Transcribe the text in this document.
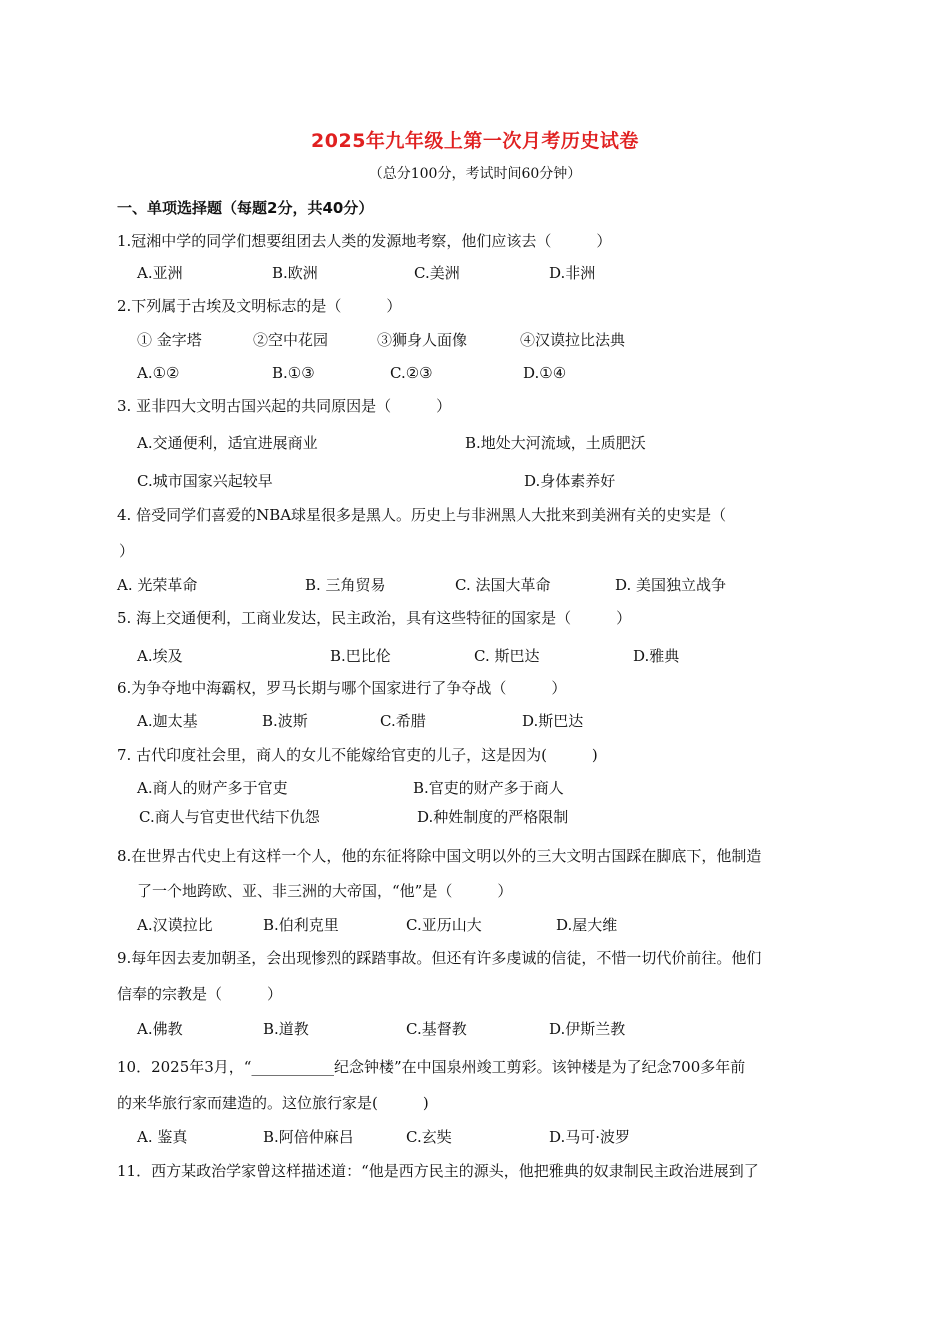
2025年九年级上第一次月考历史试卷
（总分100分，考试时间60分钟）
一、单项选择题（每题2分，共40分）
1.冠湘中学的同学们想要组团去人类的发源地考察，他们应该去（　　　）
A.亚洲	B.欧洲	C.美洲	D.非洲
2.下列属于古埃及文明标志的是（　　　）
① 金字塔	②空中花园	③狮身人面像	④汉谟拉比法典
A.①②	B.①③	C.②③	D.①④
3. 亚非四大文明古国兴起的共同原因是（　　　）
A.交通便利，适宜进展商业	B.地处大河流域，土质肥沃
C.城市国家兴起较早	D.身体素养好
4. 倍受同学们喜爱的NBA球星很多是黑人。历史上与非洲黑人大批来到美洲有关的史实是（
）
A. 光荣革命	B. 三角贸易	C. 法国大革命	D. 美国独立战争
5. 海上交通便利，工商业发达，民主政治，具有这些特征的国家是（　　　）
A.埃及	B.巴比伦	C. 斯巴达	D.雅典
6.为争夺地中海霸权，罗马长期与哪个国家进行了争夺战（　　　）
A.迦太基	B.波斯	C.希腊	D.斯巴达
7. 古代印度社会里，商人的女儿不能嫁给官吏的儿子，这是因为(　　　)
A.商人的财产多于官吏	B.官吏的财产多于商人
C.商人与官吏世代结下仇怨	D.种姓制度的严格限制
8.在世界古代史上有这样一个人，他的东征将除中国文明以外的三大文明古国踩在脚底下，他制造
了一个地跨欧、亚、非三洲的大帝国，“他”是（　　　）
A.汉谟拉比	B.伯利克里	C.亚历山大	D.屋大维
9.每年因去麦加朝圣，会出现惨烈的踩踏事故。但还有许多虔诚的信徒，不惜一切代价前往。他们
信奉的宗教是（　　　）
A.佛教	B.道教	C.基督教	D.伊斯兰教
10．2025年3月，“___________纪念钟楼”在中国泉州竣工剪彩。该钟楼是为了纪念700多年前
的来华旅行家而建造的。这位旅行家是(　　　)
A. 鉴真	B.阿倍仲麻吕	C.玄奘	D.马可·波罗
11．西方某政治学家曾这样描述道：“他是西方民主的源头，他把雅典的奴隶制民主政治进展到了
